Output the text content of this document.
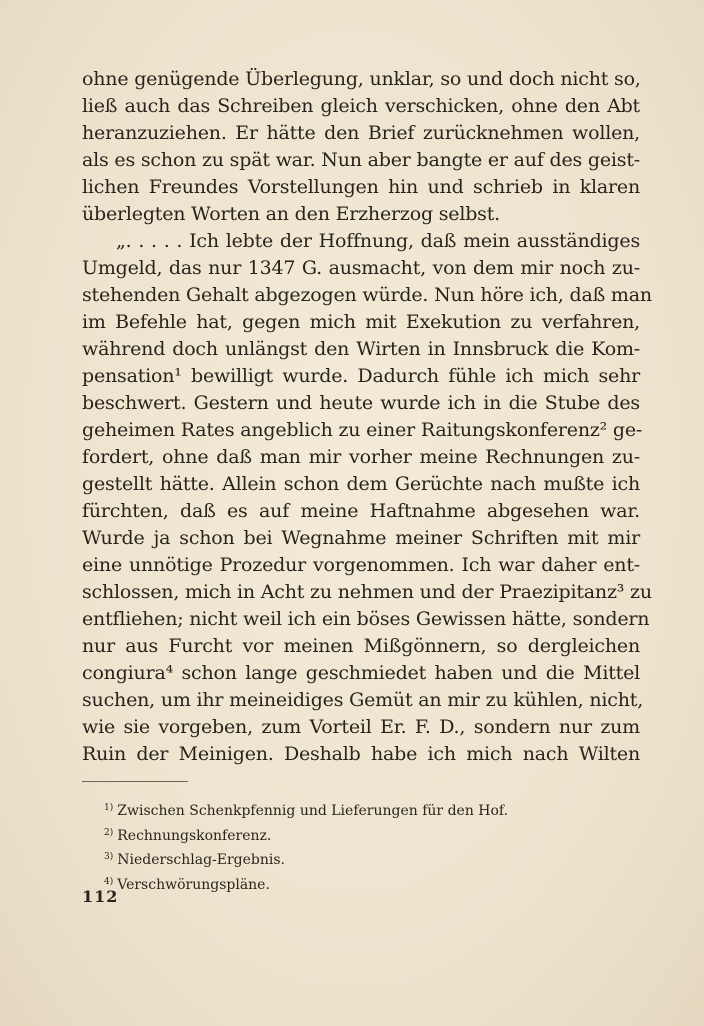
ohne genügende Überlegung, unklar, so und doch nicht so,
ließ auch das Schreiben gleich verschicken, ohne den Abt
heranzuziehen. Er hätte den Brief zurücknehmen wollen,
als es schon zu spät war. Nun aber bangte er auf des geist-
lichen Freundes Vorstellungen hin und schrieb in klaren
überlegten Worten an den Erzherzog selbst.
„. . . . . Ich lebte der Hoffnung, daß mein ausständiges
Umgeld, das nur 1347 G. ausmacht, von dem mir noch zu-
stehenden Gehalt abgezogen würde. Nun höre ich, daß man
im Befehle hat, gegen mich mit Exekution zu verfahren,
während doch unlängst den Wirten in Innsbruck die Kom-
pensation¹ bewilligt wurde. Dadurch fühle ich mich sehr
beschwert. Gestern und heute wurde ich in die Stube des
geheimen Rates angeblich zu einer Raitungskonferenz² ge-
fordert, ohne daß man mir vorher meine Rechnungen zu-
gestellt hätte. Allein schon dem Gerüchte nach mußte ich
fürchten, daß es auf meine Haftnahme abgesehen war.
Wurde ja schon bei Wegnahme meiner Schriften mit mir
eine unnötige Prozedur vorgenommen. Ich war daher ent-
schlossen, mich in Acht zu nehmen und der Praezipitanz³ zu
entfliehen; nicht weil ich ein böses Gewissen hätte, sondern
nur aus Furcht vor meinen Mißgönnern, so dergleichen
congiura⁴ schon lange geschmiedet haben und die Mittel
suchen, um ihr meineidiges Gemüt an mir zu kühlen, nicht,
wie sie vorgeben, zum Vorteil Er. F. D., sondern nur zum
Ruin der Meinigen. Deshalb habe ich mich nach Wilten
$^{1)}$ Zwischen Schenkpfennig und Lieferungen für den Hof.
$^{2)}$ Rechnungskonferenz.
$^{3)}$ Niederschlag-Ergebnis.
$^{4)}$ Verschwörungspläne.
112
